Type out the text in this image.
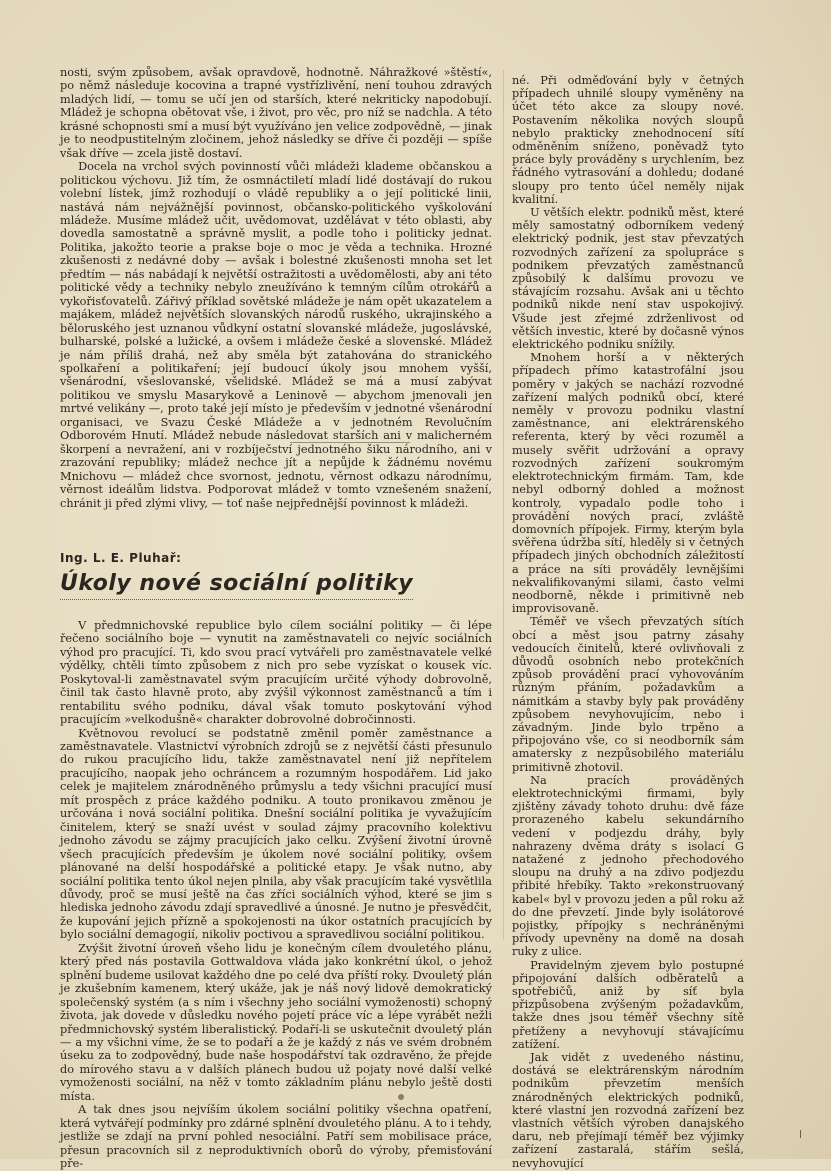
nosti, svým způsobem, avšak opravdově, hodnotně. Náhražkové »štěstí«, po němž následuje kocovina a trapné vystřízlivění, není touhou zdravých mladých lidí, — tomu se učí jen od starších, které nekriticky napodobují. Mládež je schopna obětovat vše, i život, pro věc, pro níž se nadchla. A této krásné schopnosti smí a musí být využíváno jen velice zodpovědně, — jinak je to neodpustitelným zločinem, jehož následky se dříve či později — spíše však dříve — zcela jistě dostaví.

Docela na vrchol svých povinností vůči mládeži klademe občanskou a politickou výchovu. Již tím, že osmnáctiletí mladí lidé dostávají do rukou volební lístek, jímž rozhodují o vládě republiky a o její politické linii, nastává nám nejvážnější povinnost, občansko-politického vyškolování mládeže. Musíme mládež učit, uvědomovat, uzdělávat v této oblasti, aby dovedla samostatně a správně myslit, a podle toho i politicky jednat. Politika, jakožto teorie a prakse boje o moc je věda a technika. Hrozné zkušenosti z nedávné doby — avšak i bolestné zkušenosti mnoha set let předtím — nás nabádají k největší ostražitosti a uvědomělosti, aby ani této politické vědy a techniky nebylo zneužíváno k temným cílům otrokářů a vykořisťovatelů. Zářivý příklad sovětské mládeže je nám opět ukazatelem a majákem, mládež největších slovanských národů ruského, ukrajinského a běloruského jest uznanou vůdkyní ostatní slovanské mládeže, jugoslávské, bulharské, polské a lužické, a ovšem i mládeže české a slovenské. Mládež je nám příliš drahá, než aby směla být zatahována do stranického spolkaření a politikaření; její budoucí úkoly jsou mnohem vyšší, všenárodní, všeslovanské, všelidské. Mládež se má a musí zabývat politikou ve smyslu Masarykově a Leninově — abychom jmenovali jen mrtvé velikány —, proto také její místo je především v jednotné všenárodní organisaci, ve Svazu České Mládeže a v jednotném Revolučním Odborovém Hnutí. Mládež nebude následovat starších ani v malicherném škorpení a nevražení, ani v rozbíječství jednotného šiku národního, ani v zrazování republiky; mládež nechce jít a nepůjde k žádnému novému Mnichovu — mládež chce svornost, jednotu, věrnost odkazu národnímu, věrnost ideálům lidstva. Podporovat mládež v tomto vznešeném snažení, chránit ji před zlými vlivy, — toť naše nejpřednější povinnost k mládeži.

Ing. L. E. Pluhař:

Úkoly nové sociální politiky

V předmnichovské republice bylo cílem sociální politiky — či lépe řečeno sociálního boje — vynutit na zaměstnavateli co nejvíc sociálních výhod pro pracující. Ti, kdo svou prací vytvářeli pro zaměstnavatele velké výdělky, chtěli tímto způsobem z nich pro sebe vyzískat o kousek víc. Poskytoval-li zaměstnavatel svým pracujícím určité výhody dobrovolně, činil tak často hlavně proto, aby zvýšil výkonnost zaměstnanců a tím i rentabilitu svého podniku, dával však tomuto poskytování výhod pracujícím »velkodušně« charakter dobrovolné dobročinnosti.

Květnovou revolucí se podstatně změnil poměr zaměstnance a zaměstnavatele. Vlastnictví výrobních zdrojů se z největší části přesunulo do rukou pracujícího lidu, takže zaměstnavatel není již nepřítelem pracujícího, naopak jeho ochráncem a rozumným hospodářem. Lid jako celek je majitelem znárodněného průmyslu a tedy všichni pracující musí mít prospěch z práce každého podniku. A touto pronikavou změnou je určována i nová sociální politika. Dnešní sociální politika je vyvažujícím činitelem, který se snaží uvést v soulad zájmy pracovního kolektivu jednoho závodu se zájmy pracujících jako celku. Zvýšení životní úrovně všech pracujících především je úkolem nové sociální politiky, ovšem plánované na delší hospodářské a politické etapy. Je však nutno, aby sociální politika tento úkol nejen plnila, aby však pracujícím také vysvětlila důvody, proč se musí ještě na čas zříci sociálních výhod, které se jim s hlediska jednoho závodu zdají spravedlivé a únosné. Je nutno je přesvědčit, že kupování jejich přízně a spokojenosti na úkor ostatních pracujících by bylo sociální demagogií, nikoliv poctivou a spravedlivou sociální politikou.

Zvýšit životní úroveň všeho lidu je konečným cílem dvouletého plánu, který před nás postavila Gottwaldova vláda jako konkrétní úkol, o jehož splnění budeme usilovat každého dne po celé dva příští roky. Dvouletý plán je zkušebním kamenem, který ukáže, jak je náš nový lidově demokratický společenský systém (a s ním i všechny jeho sociální vymoženosti) schopný života, jak dovede v důsledku nového pojetí práce víc a lépe vyrábět nežli předmnichovský systém liberalistický. Podaří-li se uskutečnit dvouletý plán — a my všichni víme, že se to podaří a že je každý z nás ve svém drobném úseku za to zodpovědný, bude naše hospodářství tak ozdravěno, že přejde do mírového stavu a v dalších plánech budou už pojaty nové další velké vymoženosti sociální, na něž v tomto základním plánu nebylo ještě dosti místa.

A tak dnes jsou nejvíším úkolem sociální politiky všechna opatření, která vytvářejí podmínky pro zdárné splnění dvouletého plánu. A to i tehdy, jestliže se zdají na první pohled nesociální. Patří sem mobilisace práce, přesun pracovních sil z neproduktivních oborů do výroby, přemisťování pře-

né. Při odměďování byly v četných případech uhnilé sloupy vyměněny na účet této akce za sloupy nové. Postavením několika nových sloupů nebylo prakticky znehodnocení sítí odměněním sníženo, poněvadž tyto práce byly prováděny s urychlením, bez řádného vytrasování a dohledu; dodané sloupy pro tento účel neměly nijak kvalitní.

U větších elektr. podniků měst, které měly samostatný odborníkem vedený elektrický podnik, jest stav převzatých rozvodných zařízení za spolupráce s podnikem převzatých zaměstnanců způsobilý k dalšímu provozu ve stávajícím rozsahu. Avšak ani u těchto podniků nikde není stav uspokojivý. Všude jest zřejmé zdrženlivost od větších investic, které by dočasně výnos elektrického podniku snížily.

Mnohem horší a v některých případech přímo katastrofální jsou poměry v jakých se nachází rozvodné zařízení malých podniků obcí, které neměly v provozu podniku vlastní zaměstnance, ani elektrárenského referenta, který by věci rozuměl a musely svěřit udržování a opravy rozvodných zařízení soukromým elektrotechnickým firmám. Tam, kde nebyl odborný dohled a možnost kontroly, vypadalo podle toho i provádění nových prací, zvláště domovních přípojek. Firmy, kterým byla svěřena údržba sítí, hleděly si v četných případech jiných obchodních záležitostí a práce na síti prováděly levnějšími nekvalifikovanými silami, často velmi neodborně, někde i primitivně neb improvisovaně.

Téměř ve všech převzatých sítích obcí a měst jsou patrny zásahy vedoucích činitelů, které ovlivňovali z důvodů osobních nebo protekčních způsob provádění prací vyhovováním různým přáním, požadavkům a námitkám a stavby byly pak prováděny způsobem nevyhovujícím, nebo i závadným. Jinde bylo trpěno a připojováno vše, co si neodborník sám amatersky z nezpůsobilého materiálu primitivně zhotovil.

Na pracích prováděných elektrotechnickými firmami, byly zjištěny závady tohoto druhu: dvě fáze prorazeného kabelu sekundárního vedení v podjezdu dráhy, byly nahrazeny dvěma dráty s isolací G natažené z jednoho přechodového sloupu na druhý a na zdivo podjezdu přibité hřebíky. Takto »rekonstruovaný kabel« byl v provozu jeden a půl roku až do dne převzetí. Jinde byly isolátorové pojistky, přípojky s nechráněnými přívody upevněny na domě na dosah ruky z ulice.

Pravidelným zjevem bylo postupné připojování dalších odběratelů a spotřebičů, aniž by síť byla přizpůsobena zvýšeným požadavkům, takže dnes jsou téměř všechny sítě přetíženy a nevyhovují stávajícímu zatížení.

Jak vidět z uvedeného nástinu, dostává se elektrárenským národním podnikům převzetím menších znárodněných elektrických podniků, které vlastní jen rozvodná zařízení bez vlastních větších výroben danajského daru, neb přejímají téměř bez výjimky zařízení zastaralá, stářím sešlá, nevyhovující
